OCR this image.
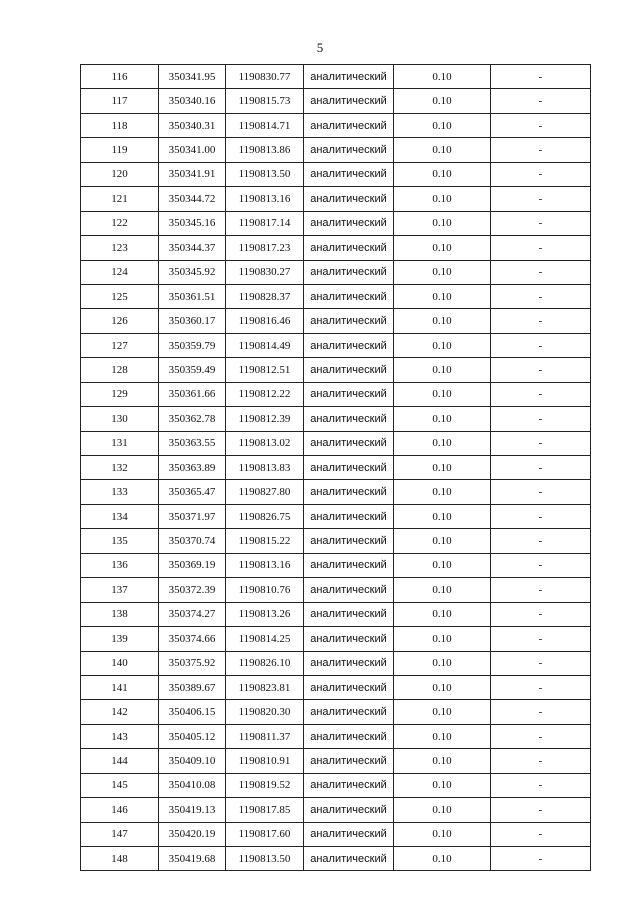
5
116	350341.95	1190830.77	аналитический	0.10	-
117	350340.16	1190815.73	аналитический	0.10	-
118	350340.31	1190814.71	аналитический	0.10	-
119	350341.00	1190813.86	аналитический	0.10	-
120	350341.91	1190813.50	аналитический	0.10	-
121	350344.72	1190813.16	аналитический	0.10	-
122	350345.16	1190817.14	аналитический	0.10	-
123	350344.37	1190817.23	аналитический	0.10	-
124	350345.92	1190830.27	аналитический	0.10	-
125	350361.51	1190828.37	аналитический	0.10	-
126	350360.17	1190816.46	аналитический	0.10	-
127	350359.79	1190814.49	аналитический	0.10	-
128	350359.49	1190812.51	аналитический	0.10	-
129	350361.66	1190812.22	аналитический	0.10	-
130	350362.78	1190812.39	аналитический	0.10	-
131	350363.55	1190813.02	аналитический	0.10	-
132	350363.89	1190813.83	аналитический	0.10	-
133	350365.47	1190827.80	аналитический	0.10	-
134	350371.97	1190826.75	аналитический	0.10	-
135	350370.74	1190815.22	аналитический	0.10	-
136	350369.19	1190813.16	аналитический	0.10	-
137	350372.39	1190810.76	аналитический	0.10	-
138	350374.27	1190813.26	аналитический	0.10	-
139	350374.66	1190814.25	аналитический	0.10	-
140	350375.92	1190826.10	аналитический	0.10	-
141	350389.67	1190823.81	аналитический	0.10	-
142	350406.15	1190820.30	аналитический	0.10	-
143	350405.12	1190811.37	аналитический	0.10	-
144	350409.10	1190810.91	аналитический	0.10	-
145	350410.08	1190819.52	аналитический	0.10	-
146	350419.13	1190817.85	аналитический	0.10	-
147	350420.19	1190817.60	аналитический	0.10	-
148	350419.68	1190813.50	аналитический	0.10	-
